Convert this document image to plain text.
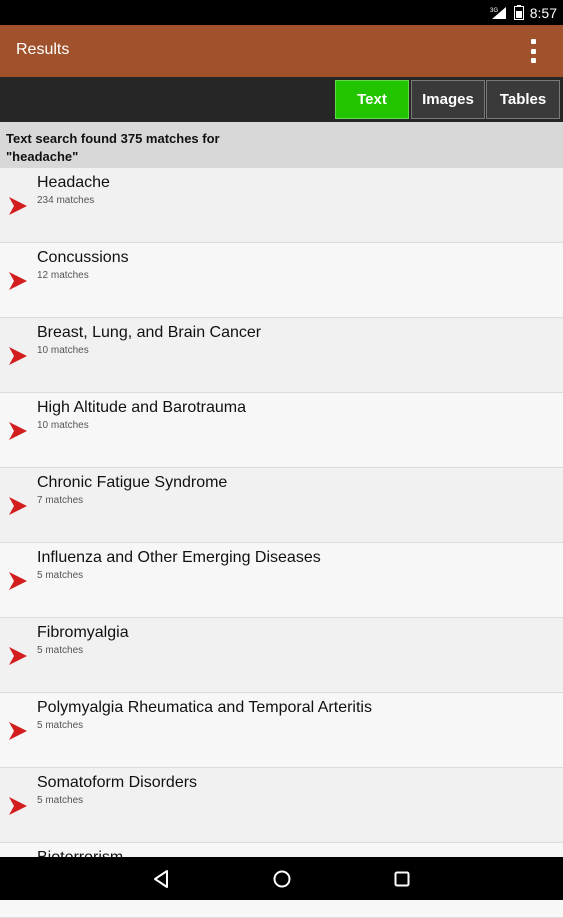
3G 8:57
Results
Text	Images	Tables
Text search found 375 matches for
"headache"
Headache
234 matches
Concussions
12 matches
Breast, Lung, and Brain Cancer
10 matches
High Altitude and Barotrauma
10 matches
Chronic Fatigue Syndrome
7 matches
Influenza and Other Emerging Diseases
5 matches
Fibromyalgia
5 matches
Polymyalgia Rheumatica and Temporal Arteritis
5 matches
Somatoform Disorders
5 matches
